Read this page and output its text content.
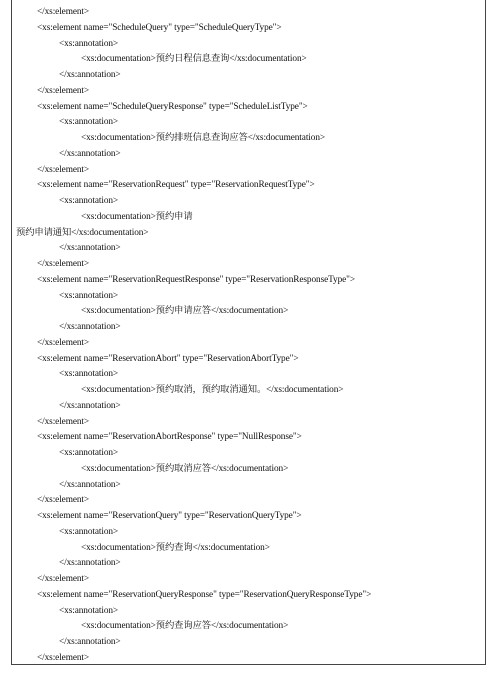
</xs:element>
<xs:element name="ScheduleQuery" type="ScheduleQueryType">
<xs:annotation>
<xs:documentation>预约日程信息查询</xs:documentation>
</xs:annotation>
</xs:element>
<xs:element name="ScheduleQueryResponse" type="ScheduleListType">
<xs:annotation>
<xs:documentation>预约排班信息查询应答</xs:documentation>
</xs:annotation>
</xs:element>
<xs:element name="ReservationRequest" type="ReservationRequestType">
<xs:annotation>
<xs:documentation>预约申请
预约申请通知</xs:documentation>
</xs:annotation>
</xs:element>
<xs:element name="ReservationRequestResponse" type="ReservationResponseType">
<xs:annotation>
<xs:documentation>预约申请应答</xs:documentation>
</xs:annotation>
</xs:element>
<xs:element name="ReservationAbort" type="ReservationAbortType">
<xs:annotation>
<xs:documentation>预约取消，预约取消通知。</xs:documentation>
</xs:annotation>
</xs:element>
<xs:element name="ReservationAbortResponse" type="NullResponse">
<xs:annotation>
<xs:documentation>预约取消应答</xs:documentation>
</xs:annotation>
</xs:element>
<xs:element name="ReservationQuery" type="ReservationQueryType">
<xs:annotation>
<xs:documentation>预约查询</xs:documentation>
</xs:annotation>
</xs:element>
<xs:element name="ReservationQueryResponse" type="ReservationQueryResponseType">
<xs:annotation>
<xs:documentation>预约查询应答</xs:documentation>
</xs:annotation>
</xs:element>
